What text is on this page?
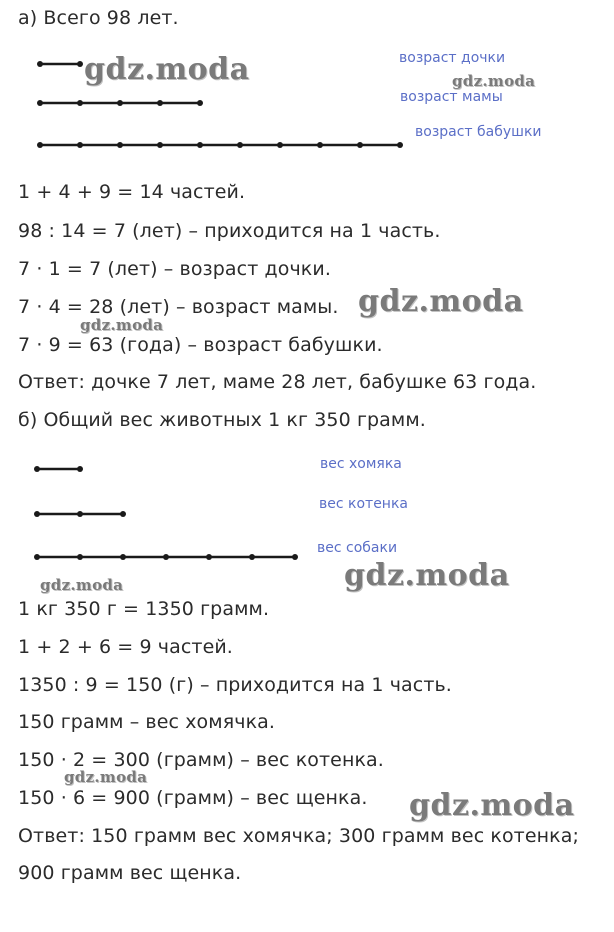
а) Всего 98 лет.
возраст дочки
возраст мамы
возраст бабушки
1 + 4 + 9 = 14 частей.
98 : 14 = 7 (лет) – приходится на 1 часть.
7 · 1 = 7 (лет) – возраст дочки.
7 · 4 = 28 (лет) – возраст мамы.
7 · 9 = 63 (года) – возраст бабушки.
Ответ: дочке 7 лет, маме 28 лет, бабушке 63 года.
б) Общий вес животных 1 кг 350 грамм.
вес хомяка
вес котенка
вес собаки
1 кг 350 г = 1350 грамм.
1 + 2 + 6 = 9 частей.
1350 : 9 = 150 (г) – приходится на 1 часть.
150 грамм – вес хомячка.
150 · 2 = 300 (грамм) – вес котенка.
150 · 6 = 900 (грамм) – вес щенка.
Ответ: 150 грамм вес хомячка; 300 грамм вес котенка;
900 грамм вес щенка.
gdz.moda	gdz.moda
gdz.moda
gdz.moda
gdz.moda	gdz.moda
gdz.moda
gdz.moda
